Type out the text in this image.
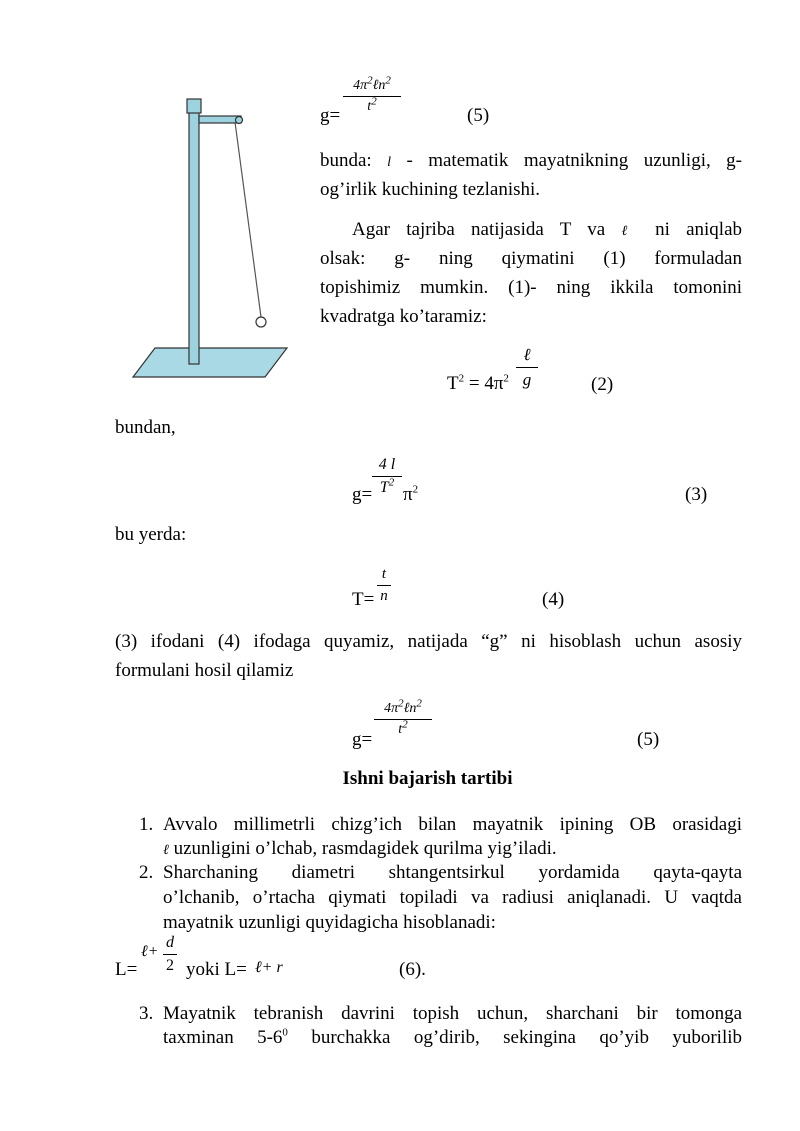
g=
$4\pi^2\ell n^2$
$t^2$
(5)
bunda: l - matematik mayatnikning uzunligi, g-
og’irlik kuchining tezlanishi.
Agar tajriba natijasida T va ℓ ni aniqlab
olsak: g- ning qiymatini (1) formuladan
topishimiz mumkin. (1)- ning ikkila tomonini
kvadratga ko’taramiz:
$T^2 = 4\pi^2$
ℓ
g	(2)
bundan,
$g= \frac{4 l}{T^2} \pi^2$	(3)
bu yerda:
$T= \frac{t}{n}$	(4)
(3) ifodani (4) ifodaga quyamiz, natijada “g” ni hisoblash uchun asosiy
formulani hosil qilamiz
g=
$4\pi^2\ell n^2$
$t^2$
(5)
Ishni bajarish tartibi
1. Avvalo millimetrli chizg’ich bilan mayatnik ipining OB orasidagi
ℓ uzunligini o’lchab, rasmdagidek qurilma yig’iladi.
2. Sharchaning diametri shtangentsirkul yordamida qayta-qayta
o’lchanib, o’rtacha qiymati topiladi va radiusi aniqlanadi. U vaqtda
mayatnik uzunligi quyidagicha hisoblanadi:
L=
ℓ+ $\frac{d}{2}$ yoki L= ℓ+ r	(6).
3. Mayatnik tebranish davrini topish uchun, sharchani bir tomonga
taxminan $5-6^0$ burchakka og’dirib, sekingina qo’yib yuborilib
